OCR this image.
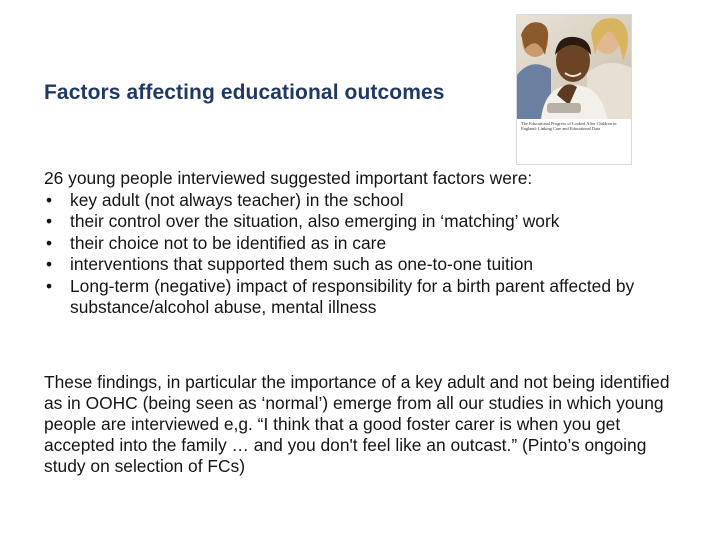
Factors affecting educational outcomes
The Educational Progress of Looked After Children in England: Linking Care and Educational Data

26 young people interviewed suggested important factors were:

• key adult (not always teacher) in the school
• their control over the situation, also emerging in ‘matching’ work
• their choice not to be identified as in care
• interventions that supported them such as one-to-one tuition
• Long-term (negative) impact of responsibility for a birth parent affected by substance/alcohol abuse, mental illness

These findings, in particular the importance of a key adult and not being identified as in OOHC (being seen as ‘normal’) emerge from all our studies in which young people are interviewed e,g. “I think that a good foster carer is when you get accepted into the family … and you don't feel like an outcast.” (Pinto’s ongoing study on selection of FCs)
